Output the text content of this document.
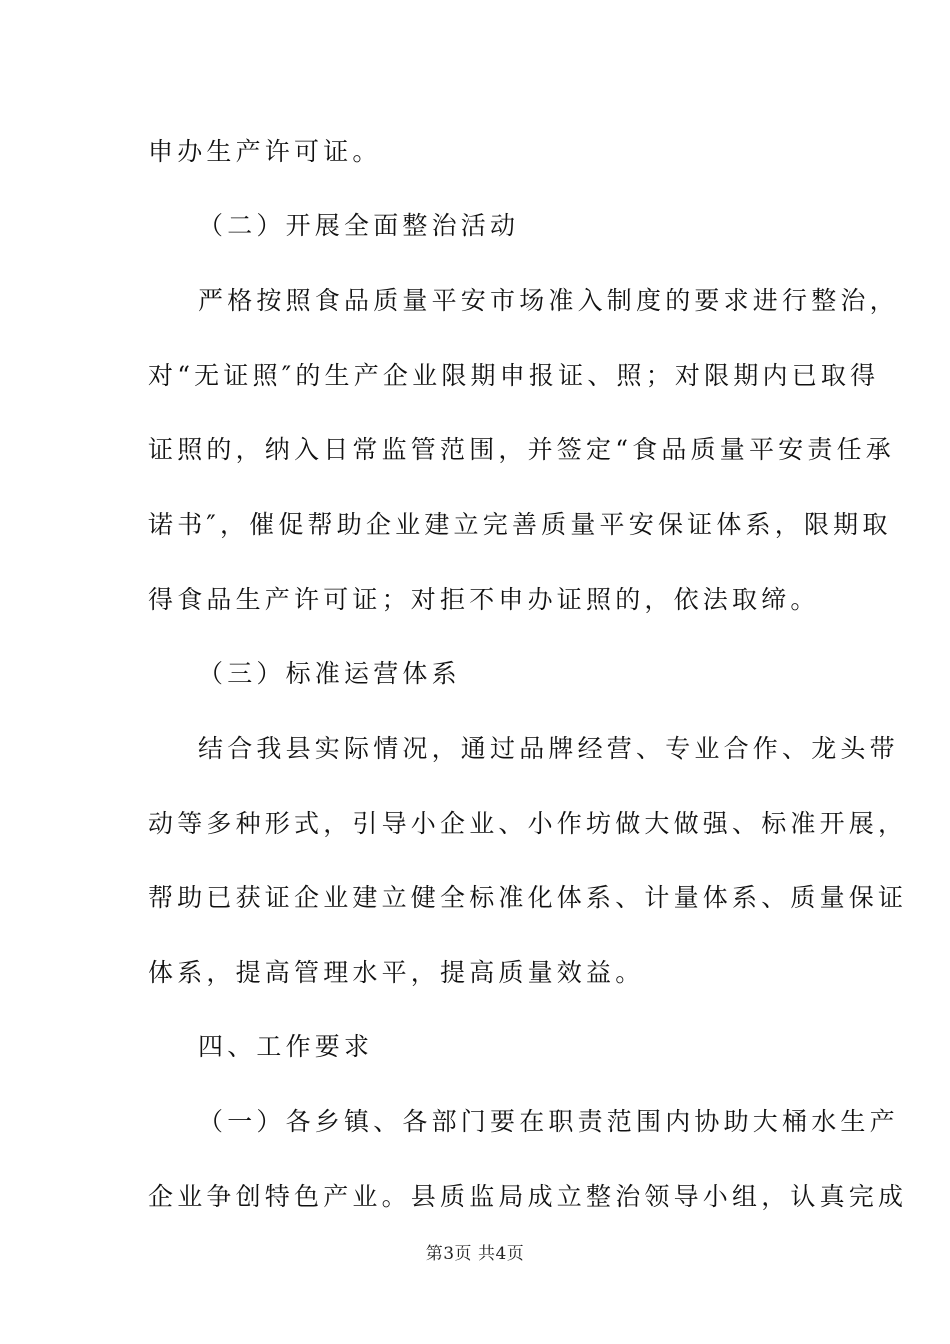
申办生产许可证。
（二）开展全面整治活动
严格按照食品质量平安市场准入制度的要求进行整治，
对“无证照″的生产企业限期申报证、照；对限期内已取得
证照的，纳入日常监管范围，并签定“食品质量平安责任承
诺书″，催促帮助企业建立完善质量平安保证体系，限期取
得食品生产许可证；对拒不申办证照的，依法取缔。
（三）标准运营体系
结合我县实际情况，通过品牌经营、专业合作、龙头带
动等多种形式，引导小企业、小作坊做大做强、标准开展，
帮助已获证企业建立健全标准化体系、计量体系、质量保证
体系，提高管理水平，提高质量效益。
四、工作要求
（一）各乡镇、各部门要在职责范围内协助大桶水生产
企业争创特色产业。县质监局成立整治领导小组，认真完成
第3页 共4页
